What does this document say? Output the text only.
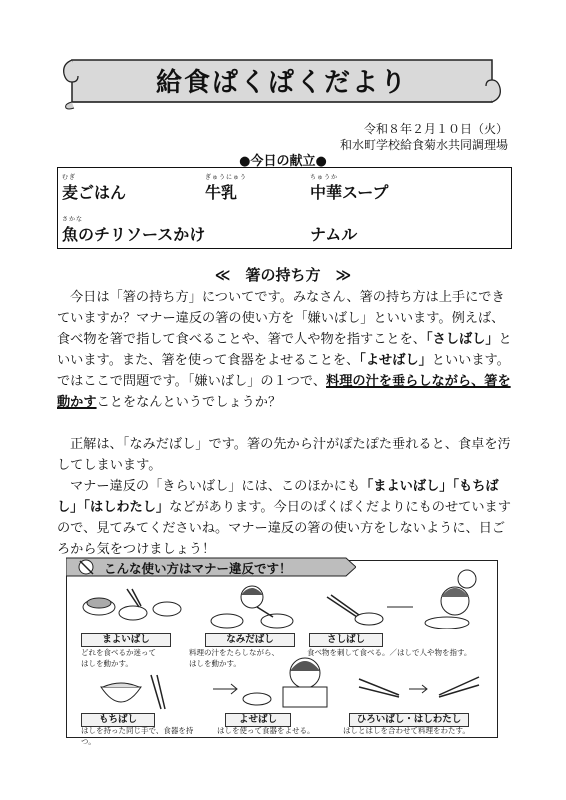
給食ぱくぱくだより
令和８年２月１０日（火）
和水町学校給食菊水共同調理場
●今日の献立●
むぎ
麦ごはん
ぎゅうにゅう
牛乳
ちゅうか
中華スープ
さかな
魚のチリソースかけ	ナムル
≪　箸の持ち方　≫
今日は「箸の持ち方」についてです。みなさん、箸の持ち方は上手にできていますか？マナー違反の箸の使い方を「嫌いばし」といいます。例えば、食べ物を箸で指して食べることや、箸で人や物を指すことを、「さしばし」といいます。また、箸を使って食器をよせることを、「よせばし」といいます。ではここで問題です。「嫌いばし」の１つで、料理の汁を垂らしながら、箸を動かすことをなんというでしょうか？
正解は、「なみだばし」です。箸の先から汁がぽたぽた垂れると、食卓を汚してしまいます。
マナー違反の「きらいばし」には、このほかにも「まよいばし」「もちばし」「はしわたし」などがあります。今日のぱくぱくだよりにものせていますので、見てみてくださいね。マナー違反の箸の使い方をしないように、日ごろから気をつけましょう！
まよいばし
どれを食べるか迷って
はしを動かす。
なみだばし
料理の汁をたらしながら、
はしを動かす。
さしばし
食べ物を刺して食べる。／はしで人や物を指す。
もちばし
はしを持った同じ手で、食器を持つ。
よせばし
はしを使って食器をよせる。
ひろいばし・はしわたし
はしとはしを合わせて料理をわたす。
こんな使い方はマナー違反です！
